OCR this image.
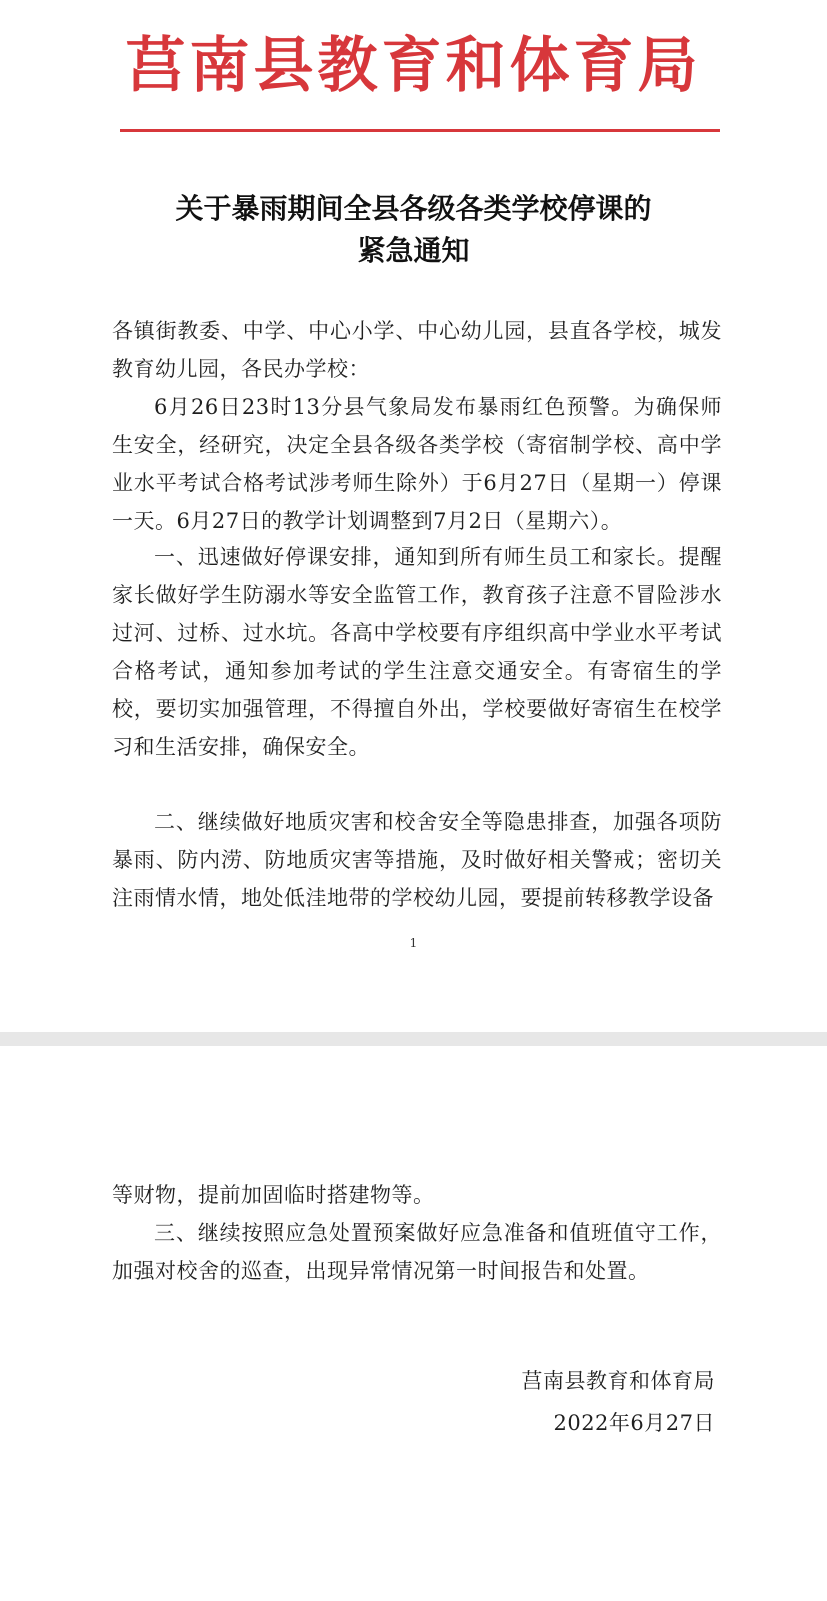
莒南县教育和体育局
关于暴雨期间全县各级各类学校停课的
紧急通知

各镇街教委、中学、中心小学、中心幼儿园，县直各学校，城发教育幼儿园，各民办学校：

6月26日23时13分县气象局发布暴雨红色预警。为确保师生安全，经研究，决定全县各级各类学校（寄宿制学校、高中学业水平考试合格考试涉考师生除外）于6月27日（星期一）停课一天。6月27日的教学计划调整到7月2日（星期六）。

一、迅速做好停课安排，通知到所有师生员工和家长。提醒家长做好学生防溺水等安全监管工作，教育孩子注意不冒险涉水过河、过桥、过水坑。各高中学校要有序组织高中学业水平考试合格考试，通知参加考试的学生注意交通安全。有寄宿生的学校，要切实加强管理，不得擅自外出，学校要做好寄宿生在校学习和生活安排，确保安全。

二、继续做好地质灾害和校舍安全等隐患排查，加强各项防暴雨、防内涝、防地质灾害等措施，及时做好相关警戒；密切关注雨情水情，地处低洼地带的学校幼儿园，要提前转移教学设备

1

等财物，提前加固临时搭建物等。

三、继续按照应急处置预案做好应急准备和值班值守工作，加强对校舍的巡查，出现异常情况第一时间报告和处置。

莒南县教育和体育局
2022年6月27日
